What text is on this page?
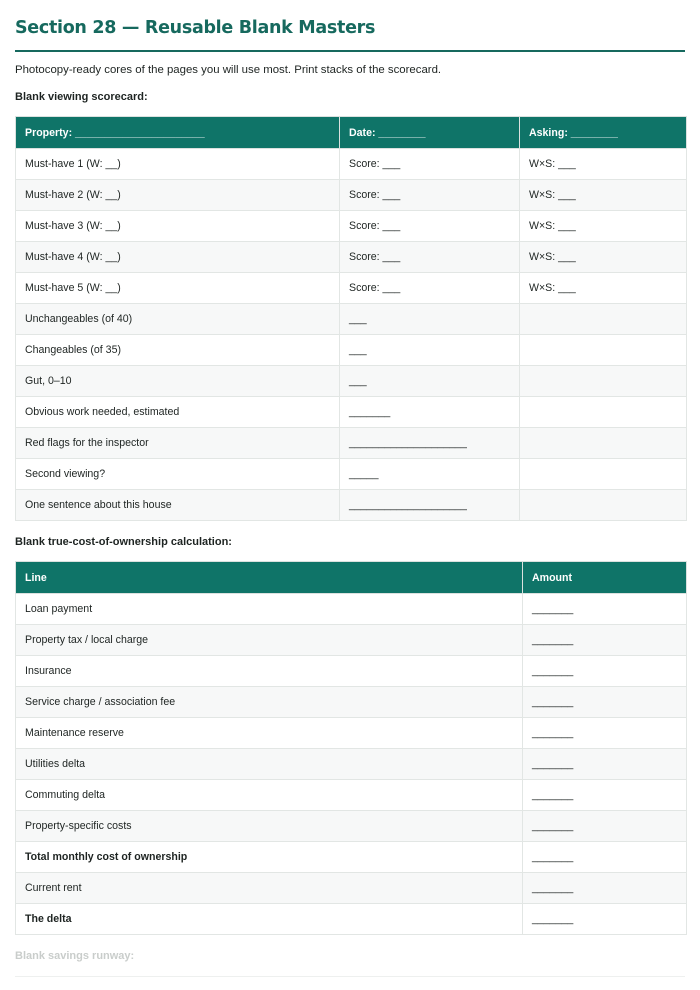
Section 28 — Reusable Blank Masters

Photocopy-ready cores of the pages you will use most. Print stacks of the scorecard.

Blank viewing scorecard:

Property: ______________________	Date: ________	Asking: ________
Must-have 1 (W: __)	Score: ___	W×S: ___
Must-have 2 (W: __)	Score: ___	W×S: ___
Must-have 3 (W: __)	Score: ___	W×S: ___
Must-have 4 (W: __)	Score: ___	W×S: ___
Must-have 5 (W: __)	Score: ___	W×S: ___
Unchangeables (of 40)	___	
Changeables (of 35)	___	
Gut, 0–10	___	
Obvious work needed, estimated	_______	
Red flags for the inspector	____________________	
Second viewing?	_____	
One sentence about this house	____________________	

Blank true-cost-of-ownership calculation:

Line	Amount
Loan payment	_______
Property tax / local charge	_______
Insurance	_______
Service charge / association fee	_______
Maintenance reserve	_______
Utilities delta	_______
Commuting delta	_______
Property-specific costs	_______
Total monthly cost of ownership	_______
Current rent	_______
The delta	_______

Blank savings runway:
